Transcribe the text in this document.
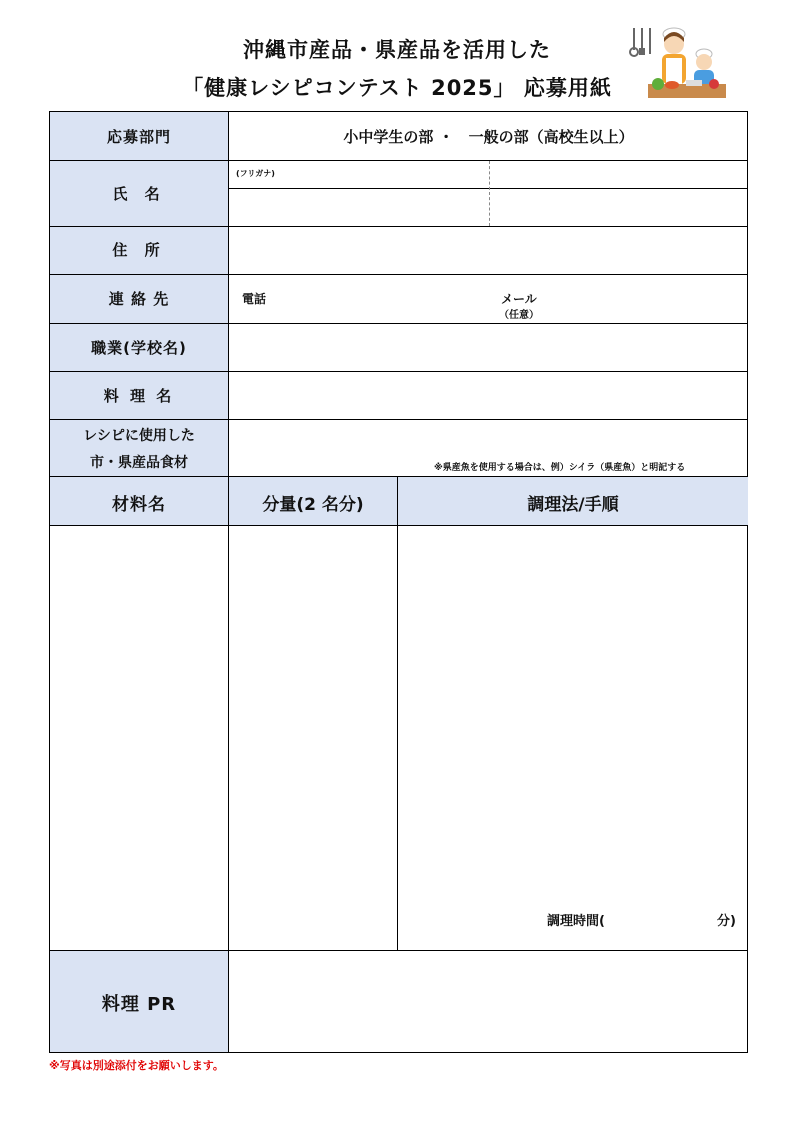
沖縄市産品・県産品を活用した
「健康レシピコンテスト 2025」 応募用紙
応募部門	小中学生の部 ・　一般の部（高校生以上）
氏 名
(フリガナ)
住 所
連 絡 先	電話	メール
（任意）
職業(学校名)
料 理 名
レシピに使用した
市・県産品食材	※県産魚を使用する場合は、例）シイラ（県産魚）と明記する
材料名	分量(2 名分)	調理法/手順
調理時間(	分)
料理 PR
※写真は別途添付をお願いします。
